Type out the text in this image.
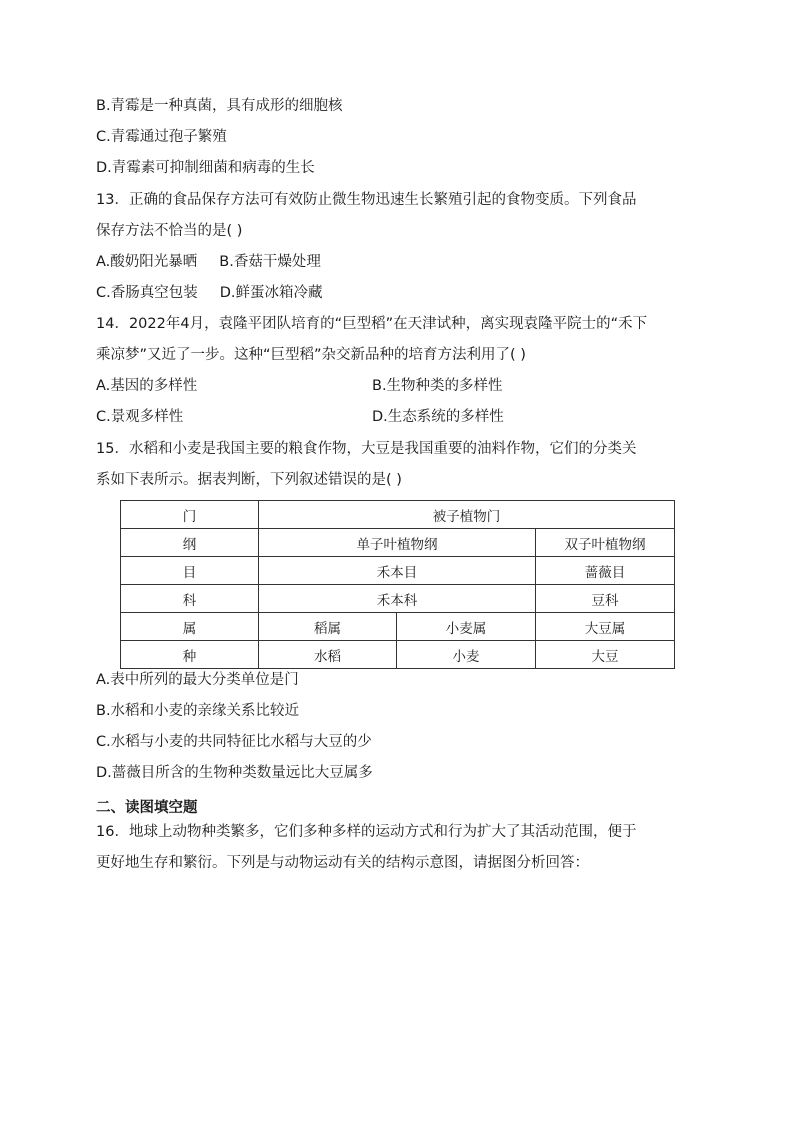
B.青霉是一种真菌，具有成形的细胞核
C.青霉通过孢子繁殖
D.青霉素可抑制细菌和病毒的生长
13．正确的食品保存方法可有效防止微生物迅速生长繁殖引起的食物变质。下列食品
保存方法不恰当的是( )
A.酸奶阳光暴晒 B.香菇干燥处理
C.香肠真空包装 D.鲜蛋冰箱冷藏
14．2022年4月，袁隆平团队培育的“巨型稻”在天津试种，离实现袁隆平院士的“禾下
乘凉梦”又近了一步。这种“巨型稻”杂交新品种的培育方法利用了( )
A.基因的多样性	B.生物种类的多样性
C.景观多样性	D.生态系统的多样性
15．水稻和小麦是我国主要的粮食作物，大豆是我国重要的油料作物，它们的分类关
系如下表所示。据表判断，下列叙述错误的是( )
门	被子植物门		
纲	单子叶植物纲		双子叶植物纲
目	禾本目		蔷薇目
科	禾本科		豆科
属	稻属	小麦属	大豆属
种	水稻	小麦	大豆
A.表中所列的最大分类单位是门
B.水稻和小麦的亲缘关系比较近
C.水稻与小麦的共同特征比水稻与大豆的少
D.蔷薇目所含的生物种类数量远比大豆属多
二、读图填空题
16．地球上动物种类繁多，它们多种多样的运动方式和行为扩大了其活动范围，便于
更好地生存和繁衍。下列是与动物运动有关的结构示意图，请据图分析回答：
